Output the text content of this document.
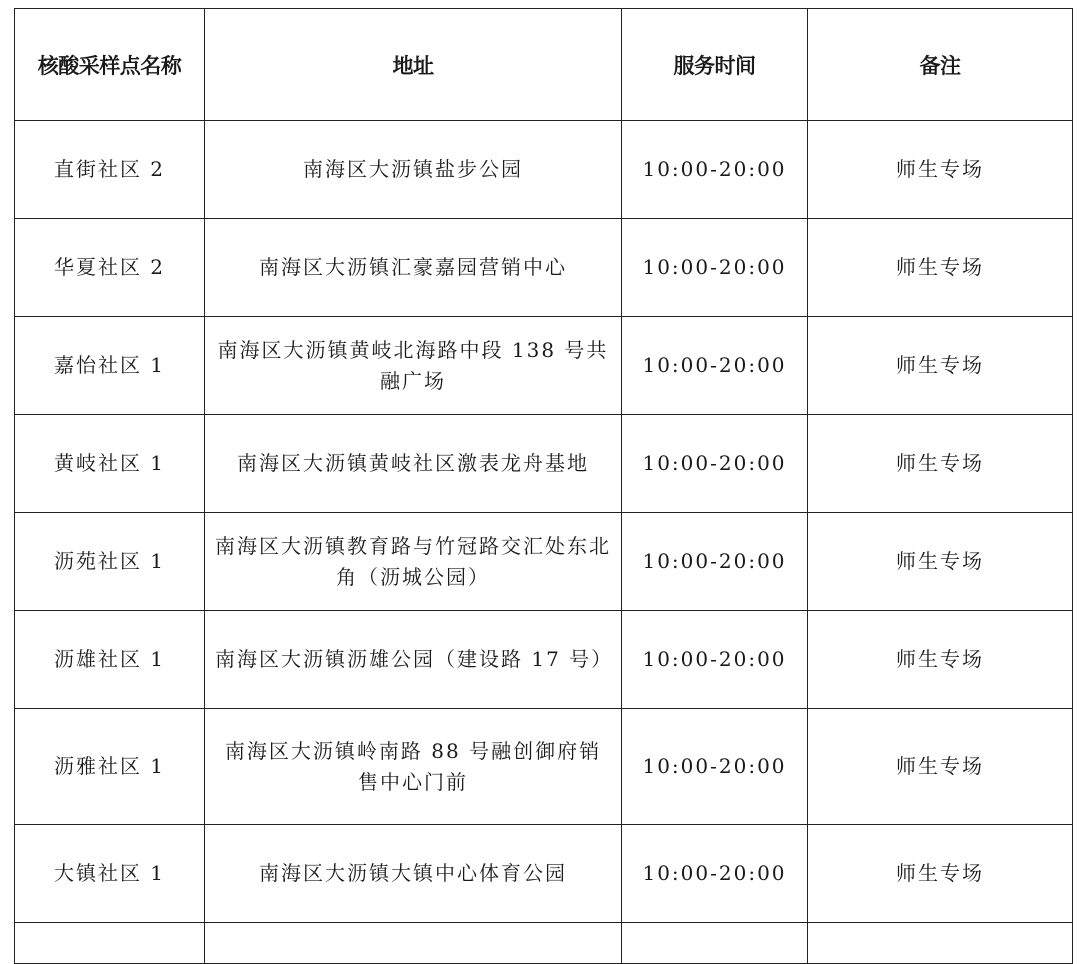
核酸采样点名称	地址	服务时间	备注
直街社区 2	南海区大沥镇盐步公园	10:00-20:00	师生专场
华夏社区 2	南海区大沥镇汇豪嘉园营销中心	10:00-20:00	师生专场
嘉怡社区 1	南海区大沥镇黄岐北海路中段 138 号共融广场	10:00-20:00	师生专场
黄岐社区 1	南海区大沥镇黄岐社区激表龙舟基地	10:00-20:00	师生专场
沥苑社区 1	南海区大沥镇教育路与竹冠路交汇处东北角（沥城公园）	10:00-20:00	师生专场
沥雄社区 1	南海区大沥镇沥雄公园（建设路 17 号）	10:00-20:00	师生专场
沥雅社区 1	南海区大沥镇岭南路 88 号融创御府销售中心门前	10:00-20:00	师生专场
大镇社区 1	南海区大沥镇大镇中心体育公园	10:00-20:00	师生专场
